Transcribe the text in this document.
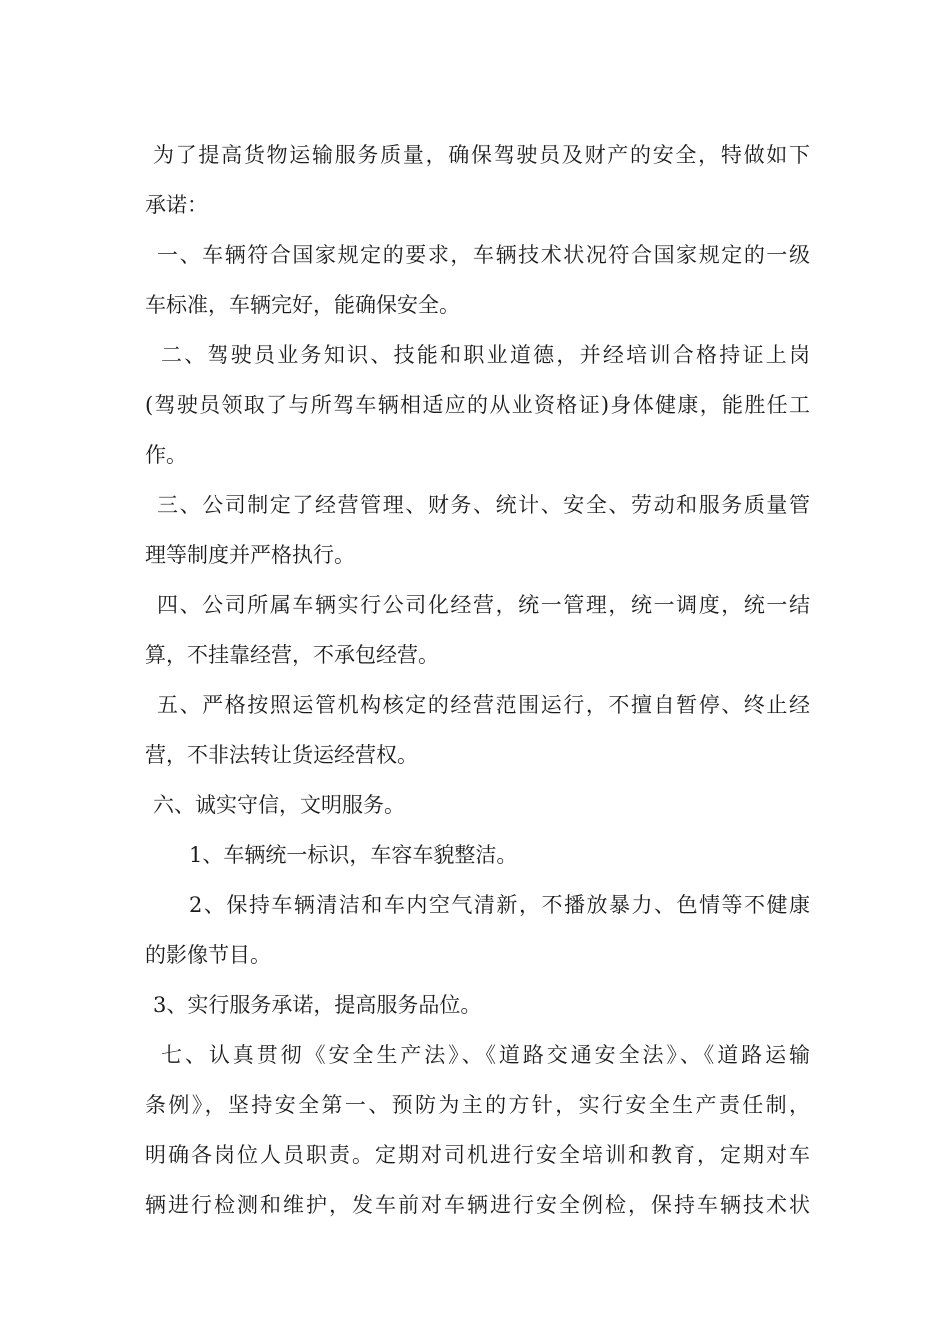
为了提高货物运输服务质量，确保驾驶员及财产的安全，特做如下
承诺：
一、车辆符合国家规定的要求，车辆技术状况符合国家规定的一级
车标准，车辆完好，能确保安全。
二、驾驶员业务知识、技能和职业道德，并经培训合格持证上岗
(驾驶员领取了与所驾车辆相适应的从业资格证)身体健康，能胜任工
作。
三、公司制定了经营管理、财务、统计、安全、劳动和服务质量管
理等制度并严格执行。
四、公司所属车辆实行公司化经营，统一管理，统一调度，统一结
算，不挂靠经营，不承包经营。
五、严格按照运管机构核定的经营范围运行，不擅自暂停、终止经
营，不非法转让货运经营权。
六、诚实守信，文明服务。
1、车辆统一标识，车容车貌整洁。
2、保持车辆清洁和车内空气清新，不播放暴力、色情等不健康
的影像节目。
3、实行服务承诺，提高服务品位。
七、认真贯彻《安全生产法》、《道路交通安全法》、《道路运输
条例》，坚持安全第一、预防为主的方针，实行安全生产责任制，
明确各岗位人员职责。定期对司机进行安全培训和教育，定期对车
辆进行检测和维护，发车前对车辆进行安全例检，保持车辆技术状
